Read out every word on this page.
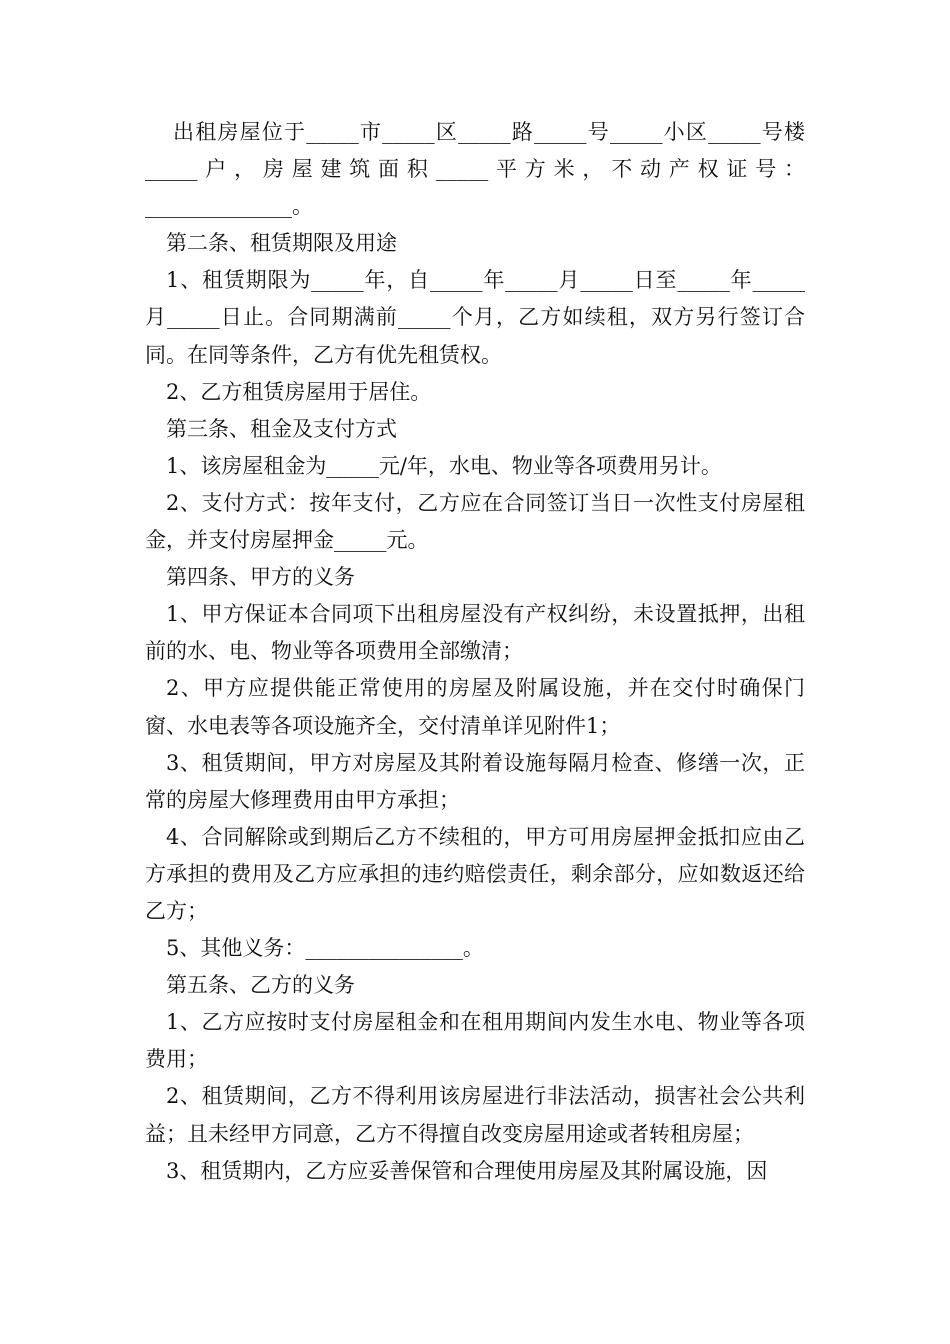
出租房屋位于_____市_____区_____路_____号_____小区_____号楼_____户，房屋建筑面积_____平方米，不动产权证号：______________。

第二条、租赁期限及用途

1、租赁期限为_____年，自_____年_____月_____日至_____年_____月_____日止。合同期满前_____个月，乙方如续租，双方另行签订合同。在同等条件，乙方有优先租赁权。

2、乙方租赁房屋用于居住。

第三条、租金及支付方式

1、该房屋租金为_____元/年，水电、物业等各项费用另计。

2、支付方式：按年支付，乙方应在合同签订当日一次性支付房屋租金，并支付房屋押金_____元。

第四条、甲方的义务

1、甲方保证本合同项下出租房屋没有产权纠纷，未设置抵押，出租前的水、电、物业等各项费用全部缴清；

2、甲方应提供能正常使用的房屋及附属设施，并在交付时确保门窗、水电表等各项设施齐全，交付清单详见附件1；

3、租赁期间，甲方对房屋及其附着设施每隔月检查、修缮一次，正常的房屋大修理费用由甲方承担；

4、合同解除或到期后乙方不续租的，甲方可用房屋押金抵扣应由乙方承担的费用及乙方应承担的违约赔偿责任，剩余部分，应如数返还给乙方；

5、其他义务：_______________。

第五条、乙方的义务

1、乙方应按时支付房屋租金和在租用期间内发生水电、物业等各项费用；

2、租赁期间，乙方不得利用该房屋进行非法活动，损害社会公共利益；且未经甲方同意，乙方不得擅自改变房屋用途或者转租房屋；

3、租赁期内，乙方应妥善保管和合理使用房屋及其附属设施，因
